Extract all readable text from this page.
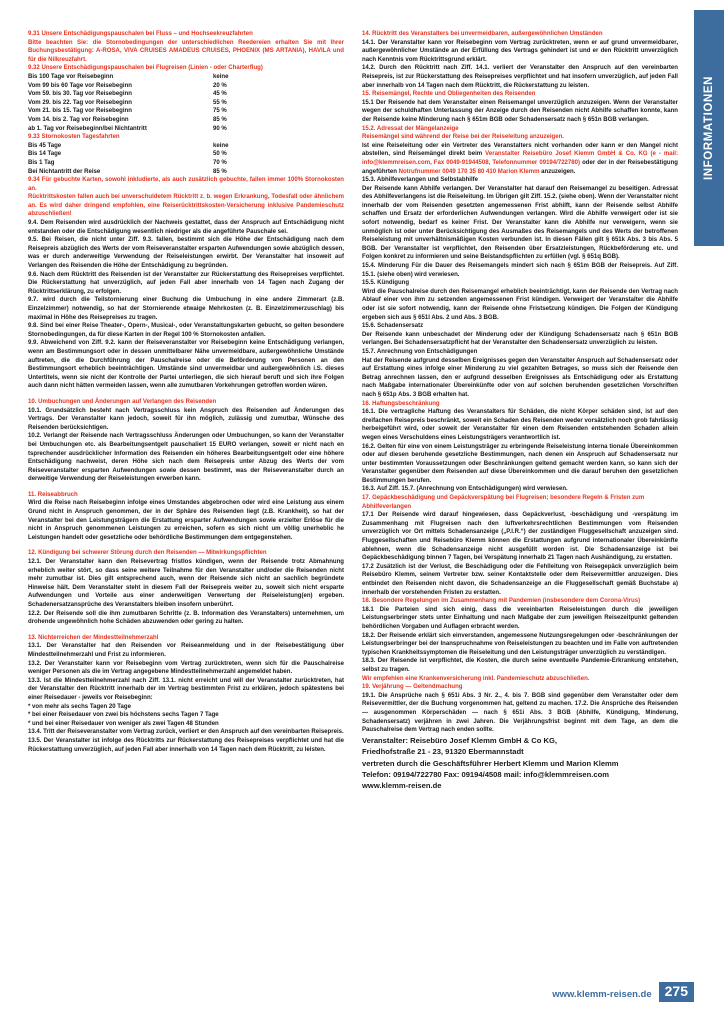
INFORMATIONEN

9.31 Unsere Entschädigungspauschalen bei Fluss – und Hochseekreuzfahrten

Bitte beachten Sie: die Stornobedingungen der unterschiedlichen Reedereien erhalten Sie mit Ihrer Buchungsbestätigung: A-ROSA, VIVA CRUISES AMADEUS CRUISES, PHOENIX (MS ARTANIA), HAVILA und für die Nilkreuzfahrt.

9.32 Unsere Entschädigungspauschalen bei Flugreisen (Linien - oder Charterflug)

Bis 100 Tage vor Reisebeginn	keine
Vom 99 bis 60 Tage vor Reisebeginn	20 %
Vom 59. bis 30. Tag vor Reisebeginn	45 %
Vom 29. bis 22. Tag vor Reisebeginn	55 %
Vom 21. bis 15. Tag vor Reisebeginn	75 %
Vom 14. bis 2. Tag vor Reisebeginn	85 %
ab 1. Tag vor Reisebeginn/bei Nichtantritt	90 %

9.33 Stornokosten Tagesfahrten

Bis 45 Tage	keine
Bis 14 Tage	50 %
Bis 1 Tag	70 %
Bei Nichtantritt der Reise	85 %

9.34 Für gebuchte Karten, sowohl inkludierte, als auch zusätzlich gebuchte, fallen immer 100% Stornokosten an.

Rücktrittskosten fallen auch bei unverschuldetem Rücktritt z. b. wegen Erkrankung, Todesfall oder ähnlichem an. Es wird daher dringend empfohlen, eine Reiserücktrittskosten-Versicherung inklusive Pandemieschutz abzuschließen!

9.4. Dem Reisenden wird ausdrücklich der Nachweis gestattet, dass der Anspruch auf Entschädigung nicht entstanden oder die Entschädigung wesentlich niedriger als die angeführte Pauschale sei.

9.5. Bei Reisen, die nicht unter Ziff. 9.3. fallen, bestimmt sich die Höhe der Entschädigung nach dem Reisepreis abzüglich des Werts der vom Reiseveranstalter ersparten Aufwendungen sowie abzüglich dessen, was er durch anderweitige Verwendung der Reiseleistungen erwirbt. Der Veranstalter hat insoweit auf Verlangen des Reisenden die Höhe der Entschädigung zu begründen.

9.6. Nach dem Rücktritt des Reisenden ist der Veranstalter zur Rückerstattung des Reisepreises verpflichtet. Die Rückerstattung hat unverzüglich, auf jeden Fall aber innerhalb von 14 Tagen nach Zugang der Rücktrittserklärung, zu erfolgen.

9.7. wird durch die Teilstornierung einer Buchung die Umbuchung in eine andere Zimmerart (z.B. Einzelzimmer) notwendig, so hat der Stornierende etwaige Mehrkosten (z. B. Einzelzimmerzuschlag) bis maximal in Höhe des Reisepreises zu tragen.

9.8. Sind bei einer Reise Theater-, Opern-, Musical-, oder Veranstaltungskarten gebucht, so gelten besondere Stornobedingungen, da für diese Karten in der Regel 100 % Stornokosten anfallen.

9.9. Abweichend von Ziff. 9.2. kann der Reiseveranstalter vor Reisebeginn keine Entschädigung verlangen, wenn am Bestimmungsort oder in dessen unmittelbarer Nähe unvermeidbare, außergewöhnliche Umstände auftreten, die die Durchführung der Pauschalreise oder die Beförderung von Personen an den Bestimmungsort erheblich beeinträchtigen. Umstände sind unvermeidbar und außergewöhnlich i.S. dieses Untertitels, wenn sie nicht der Kontrolle der Partei unterliegen, die sich hierauf beruft und sich ihre Folgen auch dann nicht hätten vermeiden lassen, wenn alle zumutbaren Vorkehrungen getroffen worden wären.

10. Umbuchungen und Änderungen auf Verlangen des Reisenden

10.1. Grundsätzlich besteht nach Vertragsschluss kein Anspruch des Reisenden auf Änderungen des Vertrags. Der Veranstalter kann jedoch, soweit für ihn möglich, zulässig und zumutbar, Wünsche des Reisenden berücksichtigen.

10.2. Verlangt der Reisende nach Vertragsschluss Änderungen oder Umbuchungen, so kann der Veranstalter bei Umbuchungen etc. als Bearbeitungsentgelt pauschaliert 15 EURO verlangen, soweit er nicht nach en tsprechender ausdrücklicher Information des Reisenden ein höheres Bearbeitungsentgelt oder eine höhere Entschädigung nachweist, deren Höhe sich nach dem Reisepreis unter Abzug des Werts der vom Reiseveranstalter ersparten Aufwendungen sowie dessen bestimmt, was der Reiseveranstalter durch an derweitige Verwendung der Reiseleistungen erwerben kann.

11. Reiseabbruch

Wird die Reise nach Reisebeginn infolge eines Umstandes abgebrochen oder wird eine Leistung aus einem Grund nicht in Anspruch genommen, der in der Sphäre des Reisenden liegt (z.B. Krankheit), so hat der Veranstalter bei den Leistungsträgern die Erstattung ersparter Aufwendungen sowie erzielter Erlöse für die nicht in Anspruch genommenen Leistungen zu erreichen, sofern es sich nicht um völlig unerheblic he Leistungen handelt oder gesetzliche oder behördliche Bestimmungen dem entgegenstehen.

12. Kündigung bei schwerer Störung durch den Reisenden — Mitwirkungspflichten

12.1. Der Veranstalter kann den Reisevertrag fristlos kündigen, wenn der Reisende trotz Abmahnung erheblich weiter stört, so dass seine weitere Teilnahme für den Veranstalter und/oder die Reisenden nicht mehr zumutbar ist. Dies gilt entsprechend auch, wenn der Reisende sich nicht an sachlich begründete Hinweise hält. Dem Veranstalter steht in diesem Fall der Reisepreis weiter zu, soweit sich nicht ersparte Aufwendungen und Vorteile aus einer anderweitigen Verwertung der Reiseleistung(en) ergeben. Schadenersatzansprüche des Veranstalters bleiben insofern unberührt.

12.2. Der Reisende soll die ihm zumutbaren Schritte (z. B. Information des Veranstalters) unternehmen, um drohende ungewöhnlich hohe Schäden abzuwenden oder gering zu halten.

13. Nichterreichen der Mindestteilnehmerzahl

13.1. Der Veranstalter hat den Reisenden vor Reiseanmeldung und in der Reisebestätigung über Mindestteilnehmerzahl und Frist zu informieren.

13.2. Der Veranstalter kann vor Reisebeginn vom Vertrag zurücktreten, wenn sich für die Pauschalreise weniger Personen als die im Vertrag angegebene Mindestteilnehmerzahl angemeldet haben.

13.3. Ist die Mindestteilnehmerzahl nach Ziff. 13.1. nicht erreicht und will der Veranstalter zurücktreten, hat der Veranstalter den Rücktritt innerhalb der im Vertrag bestimmten Frist zu erklären, jedoch spätestens bei einer Reisedauer - jeweils vor Reisebeginn:

* von mehr als sechs Tagen 20 Tage

* bei einer Reisedauer von zwei bis höchstens sechs Tagen 7 Tage

* und bei einer Reisedauer von weniger als zwei Tagen 48 Stunden

13.4. Tritt der Reiseveranstalter vom Vertrag zurück, verliert er den Anspruch auf den vereinbarten Reisepreis.

13.5. Der Veranstalter ist infolge des Rücktritts zur Rückerstattung des Reisepreises verpflichtet und hat die Rückerstattung unverzüglich, auf jeden Fall aber innerhalb von 14 Tagen nach dem Rücktritt, zu leisten.

14. Rücktritt des Veranstalters bei unvermeidbaren, außergewöhnlichen Umständen

14.1. Der Veranstalter kann vor Reisebeginn vom Vertrag zurücktreten, wenn er auf grund unvermeidbarer, außergewöhnlicher Umstände an der Erfüllung des Vertrags gehindert ist und er den Rücktritt unverzüglich nach Kenntnis vom Rücktrittsgrund erklärt.

14.2. Durch den Rücktritt nach Ziff. 14.1. verliert der Veranstalter den Anspruch auf den vereinbarten Reisepreis, ist zur Rückerstattung des Reisepreises verpflichtet und hat insofern unverzüglich, auf jeden Fall aber innerhalb von 14 Tagen nach dem Rücktritt, die Rückerstattung zu leisten.

15. Reisemängel, Rechte und Obliegenheiten des Reisenden

15.1 Der Reisende hat dem Veranstalter einen Reisemangel unverzüglich anzuzeigen. Wenn der Veranstalter wegen der schuldhaften Unterlassung der Anzeige durch den Reisenden nicht Abhilfe schaffen konnte, kann der Reisende keine Minderung nach § 651m BGB oder Schadensersatz nach § 651n BGB verlangen.

15.2. Adressat der Mängelanzeige

Reisemängel sind während der Reise bei der Reiseleitung anzuzeigen.

Ist eine Reiseleitung oder ein Vertreter des Veranstalters nicht vorhanden oder kann er den Mangel nicht abstellen, sind Reisemängel direkt beim Veranstalter Reisebüro Josef Klemm GmbH & Co. KG (e - mail: info@klemmreisen.com, Fax 0049-91944508, Telefonnummer 09194/722780) oder der in der Reisebestätigung angeführten Notrufnummer 0049 170 35 80 410 Marion Klemm anzuzeigen.

15.3. Abhilfeverlangen und Selbstabhilfe

Der Reisende kann Abhilfe verlangen. Der Veranstalter hat darauf den Reisemangel zu beseitigen. Adressat des Abhilfeverlangens ist die Reiseleitung. Im Übrigen gilt Ziff. 15.2. (siehe oben). Wenn der Veranstalter nicht innerhalb der vom Reisenden gesetzten angemessenen Frist abhilft, kann der Reisende selbst Abhilfe schaffen und Ersatz der erforderlichen Aufwendungen verlangen. Wird die Abhilfe verweigert oder ist sie sofort notwendig, bedarf es keiner Frist. Der Veranstalter kann die Abhilfe nur verweigern, wenn sie unmöglich ist oder unter Berücksichtigung des Ausmaßes des Reisemangels und des Werts der betroffenen Reiseleistung mit unverhältnismäßigen Kosten verbunden ist. In diesen Fällen gilt § 651k Abs. 3 bis Abs. 5 BGB. Der Veranstalter ist verpflichtet, den Reisenden über Ersatzleistungen, Rückbeförderung etc. und Folgen konkret zu informieren und seine Beistandspflichten zu erfüllen (vgl. § 651q BGB).

15.4. Minderung Für die Dauer des Reisemangels mindert sich nach § 651m BGB der Reisepreis. Auf Ziff. 15.1. (siehe oben) wird verwiesen.

15.5. Kündigung

Wird die Pauschalreise durch den Reisemangel erheblich beeinträchtigt, kann der Reisende den Vertrag nach Ablauf einer von ihm zu setzenden angemessenen Frist kündigen. Verweigert der Veranstalter die Abhilfe oder ist sie sofort notwendig, kann der Reisende ohne Fristsetzung kündigen. Die Folgen der Kündigung ergeben sich aus § 651l Abs. 2 und Abs. 3 BGB.

15.6. Schadensersatz

Der Reisende kann unbeschadet der Minderung oder der Kündigung Schadensersatz nach § 651n BGB verlangen. Bei Schadensersatzpflicht hat der Veranstalter den Schadensersatz unverzüglich zu leisten.

15.7. Anrechnung von Entschädigungen

Hat der Reisende aufgrund desselben Ereignisses gegen den Veranstalter Anspruch auf Schadensersatz oder auf Erstattung eines infolge einer Minderung zu viel gezahlten Betrages, so muss sich der Reisende den Betrag anrechnen lassen, den er aufgrund desselben Ereignisses als Entschädigung oder als Erstattung nach Maßgabe internationaler Übereinkünfte oder von auf solchen beruhenden gesetzlichen Vorschriften nach § 651p Abs. 3 BGB erhalten hat.

16. Haftungsbeschränkung

16.1. Die vertragliche Haftung des Veranstalters für Schäden, die nicht Körper schäden sind, ist auf den dreifachen Reisepreis beschränkt, soweit ein Schaden des Reisenden weder vorsätzlich noch grob fahrlässig herbeigeführt wird, oder soweit der Veranstalter für einen dem Reisenden entstehenden Schaden allein wegen eines Verschuldens eines Leistungsträgers verantwortlich ist.

16.2. Gelten für eine von einem Leistungsträger zu erbringende Reiseleistung interna tionale Übereinkommen oder auf diesen beruhende gesetzliche Bestimmungen, nach denen ein Anspruch auf Schadensersatz nur unter bestimmten Voraussetzungen oder Beschränkungen geltend gemacht werden kann, so kann sich der Veranstalter gegenüber dem Reisenden auf diese Übereinkommen und die darauf beruhen den gesetzlichen Bestimmungen berufen.

16.3. Auf Ziff. 15.7. (Anrechnung von Entschädigungen) wird verwiesen.

17. Gepäckbeschädigung und Gepäckverspätung bei Flugreisen; besondere Regeln & Fristen zum Abhilfeverlangen

17.1 Der Reisende wird darauf hingewiesen, dass Gepäckverlust, -beschädigung und -verspätung im Zusammenhang mit Flugreisen nach den luftverkehrsrechtlichen Bestimmungen vom Reisenden unverzüglich vor Ort mittels Schadensanzeige („P.I.R.“) der zuständigen Fluggesellschaft anzuzeigen sind. Fluggesellschaften und Reisebüro Klemm können die Erstattungen aufgrund internationaler Übereinkünfte ablehnen, wenn die Schadensanzeige nicht ausgefüllt worden ist. Die Schadensanzeige ist bei Gepäckbeschädigung binnen 7 Tagen, bei Verspätung innerhalb 21 Tagen nach Aushändigung, zu erstatten.

17.2 Zusätzlich ist der Verlust, die Beschädigung oder die Fehlleitung von Reisegepäck unverzüglich beim Reisebüro Klemm, seinem Vertreter bzw. seiner Kontaktstelle oder dem Reisevermittler anzuzeigen. Dies entbindet den Reisenden nicht davon, die Schadensanzeige an die Fluggesellschaft gemäß Buchstabe a) innerhalb der vorstehenden Fristen zu erstatten.

18. Besondere Regelungen im Zusammenhang mit Pandemien (insbesondere dem Corona-Virus)

18.1 Die Parteien sind sich einig, dass die vereinbarten Reiseleistungen durch die jeweiligen Leistungserbringer stets unter Einhaltung und nach Maßgabe der zum jeweiligen Reisezeitpunkt geltenden behördlichen Vorgaben und Auflagen erbracht werden.

18.2. Der Reisende erklärt sich einverstanden, angemessene Nutzungsregelungen oder -beschränkungen der Leistungserbringer bei der Inanspruchnahme von Reiseleistungen zu beachten und im Falle von auftretenden typischen Krankheitssymptomen die Reiseleitung und den Leistungsträger unverzüglich zu verständigen.

18.3. Der Reisende ist verpflichtet, die Kosten, die durch seine eventuelle Pandemie-Erkrankung entstehen, selbst zu tragen.

Wir empfehlen eine Krankenversicherung inkl. Pandemieschutz abzuschließen.

19. Verjährung — Geltendmachung

19.1. Die Ansprüche nach § 651i Abs. 3 Nr. 2., 4. bis 7. BGB sind gegenüber dem Veranstalter oder dem Reisevermittler, der die Buchung vorgenommen hat, geltend zu machen. 17.2. Die Ansprüche des Reisenden — ausgenommen Körperschäden — nach § 651i Abs. 3 BGB (Abhilfe, Kündigung, Minderung, Schadensersatz) verjähren in zwei Jahren. Die Verjährungsfrist beginnt mit dem Tage, an dem die Pauschalreise dem Vertrag nach enden sollte.

Veranstalter: Reisebüro Josef Klemm GmbH & Co KG,

Friedhofstraße 21 - 23, 91320 Ebermannstadt

vertreten durch die Geschäftsführer Herbert Klemm und Marion Klemm

Telefon: 09194/722780 Fax: 09194/4508 mail: info@klemmreisen.com

www.klemm-reisen.de

www.klemm-reisen.de 275
